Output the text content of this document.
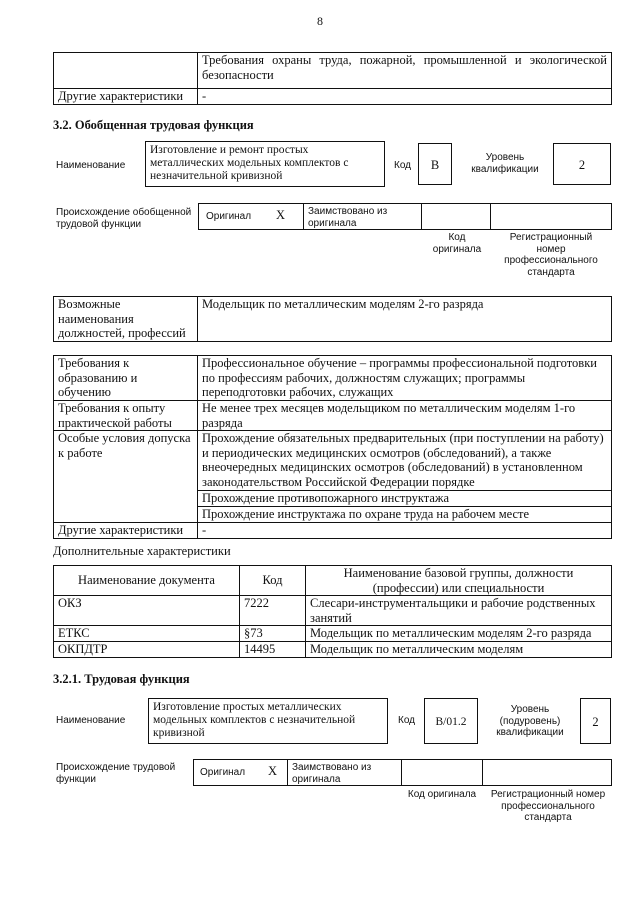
8
	Требования охраны труда, пожарной, промышленной и экологической безопасности
Другие характеристики	-
3.2. Обобщенная трудовая функция
Наименование
Изготовление и ремонт простых металлических модельных комплектов с незначительной кривизной
Код	В
Уровень квалификации	2
Происхождение обобщенной трудовой функции
Оригинал X Заимствовано из оригинала
Код оригинала
Регистрационный номер профессионального стандарта
Возможные наименования должностей, профессий	Модельщик по металлическим моделям 2-го разряда
Требования к образованию и обучению	Профессиональное обучение – программы профессиональной подготовки по профессиям рабочих, должностям служащих; программы переподготовки рабочих, служащих
Требования к опыту практической работы	Не менее трех месяцев модельщиком по металлическим моделям 1-го разряда
Особые условия допуска к работе	Прохождение обязательных предварительных (при поступлении на работу) и периодических медицинских осмотров (обследований), а также внеочередных медицинских осмотров (обследований) в установленном законодательством Российской Федерации порядке
	Прохождение противопожарного инструктажа
	Прохождение инструктажа по охране труда на рабочем месте
Другие характеристики	-
Дополнительные характеристики
Наименование документа	Код	Наименование базовой группы, должности (профессии) или специальности
ОКЗ	7222	Слесари-инструментальщики и рабочие родственных занятий
ЕТКС	§73	Модельщик по металлическим моделям 2-го разряда
ОКПДТР	14495	Модельщик по металлическим моделям
3.2.1. Трудовая функция
Наименование
Изготовление простых металлических модельных комплектов с незначительной кривизной
Код	В/01.2
Уровень (подуровень) квалификации
2
Происхождение трудовой функции
Оригинал X Заимствовано из оригинала
Код оригинала	Регистрационный номер профессионального стандарта
